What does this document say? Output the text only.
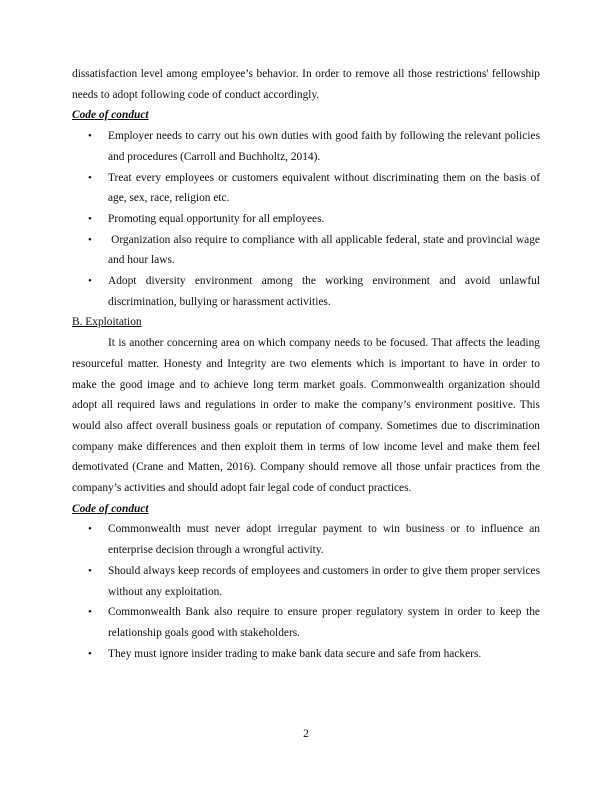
dissatisfaction level among employee’s behavior. In order to remove all those restrictions' fellowship needs to adopt following code of conduct accordingly.

Code of conduct

• Employer needs to carry out his own duties with good faith by following the relevant policies and procedures (Carroll and Buchholtz, 2014).
• Treat every employees or customers equivalent without discriminating them on the basis of age, sex, race, religion etc.
• Promoting equal opportunity for all employees.
• Organization also require to compliance with all applicable federal, state and provincial wage and hour laws.
• Adopt diversity environment among the working environment and avoid unlawful discrimination, bullying or harassment activities.

B. Exploitation

It is another concerning area on which company needs to be focused. That affects the leading resourceful matter. Honesty and Integrity are two elements which is important to have in order to make the good image and to achieve long term market goals. Commonwealth organization should adopt all required laws and regulations in order to make the company’s environment positive. This would also affect overall business goals or reputation of company. Sometimes due to discrimination company make differences and then exploit them in terms of low income level and make them feel demotivated (Crane and Matten, 2016). Company should remove all those unfair practices from the company’s activities and should adopt fair legal code of conduct practices.

Code of conduct

• Commonwealth must never adopt irregular payment to win business or to influence an enterprise decision through a wrongful activity.
• Should always keep records of employees and customers in order to give them proper services without any exploitation.
• Commonwealth Bank also require to ensure proper regulatory system in order to keep the relationship goals good with stakeholders.
• They must ignore insider trading to make bank data secure and safe from hackers.
2
